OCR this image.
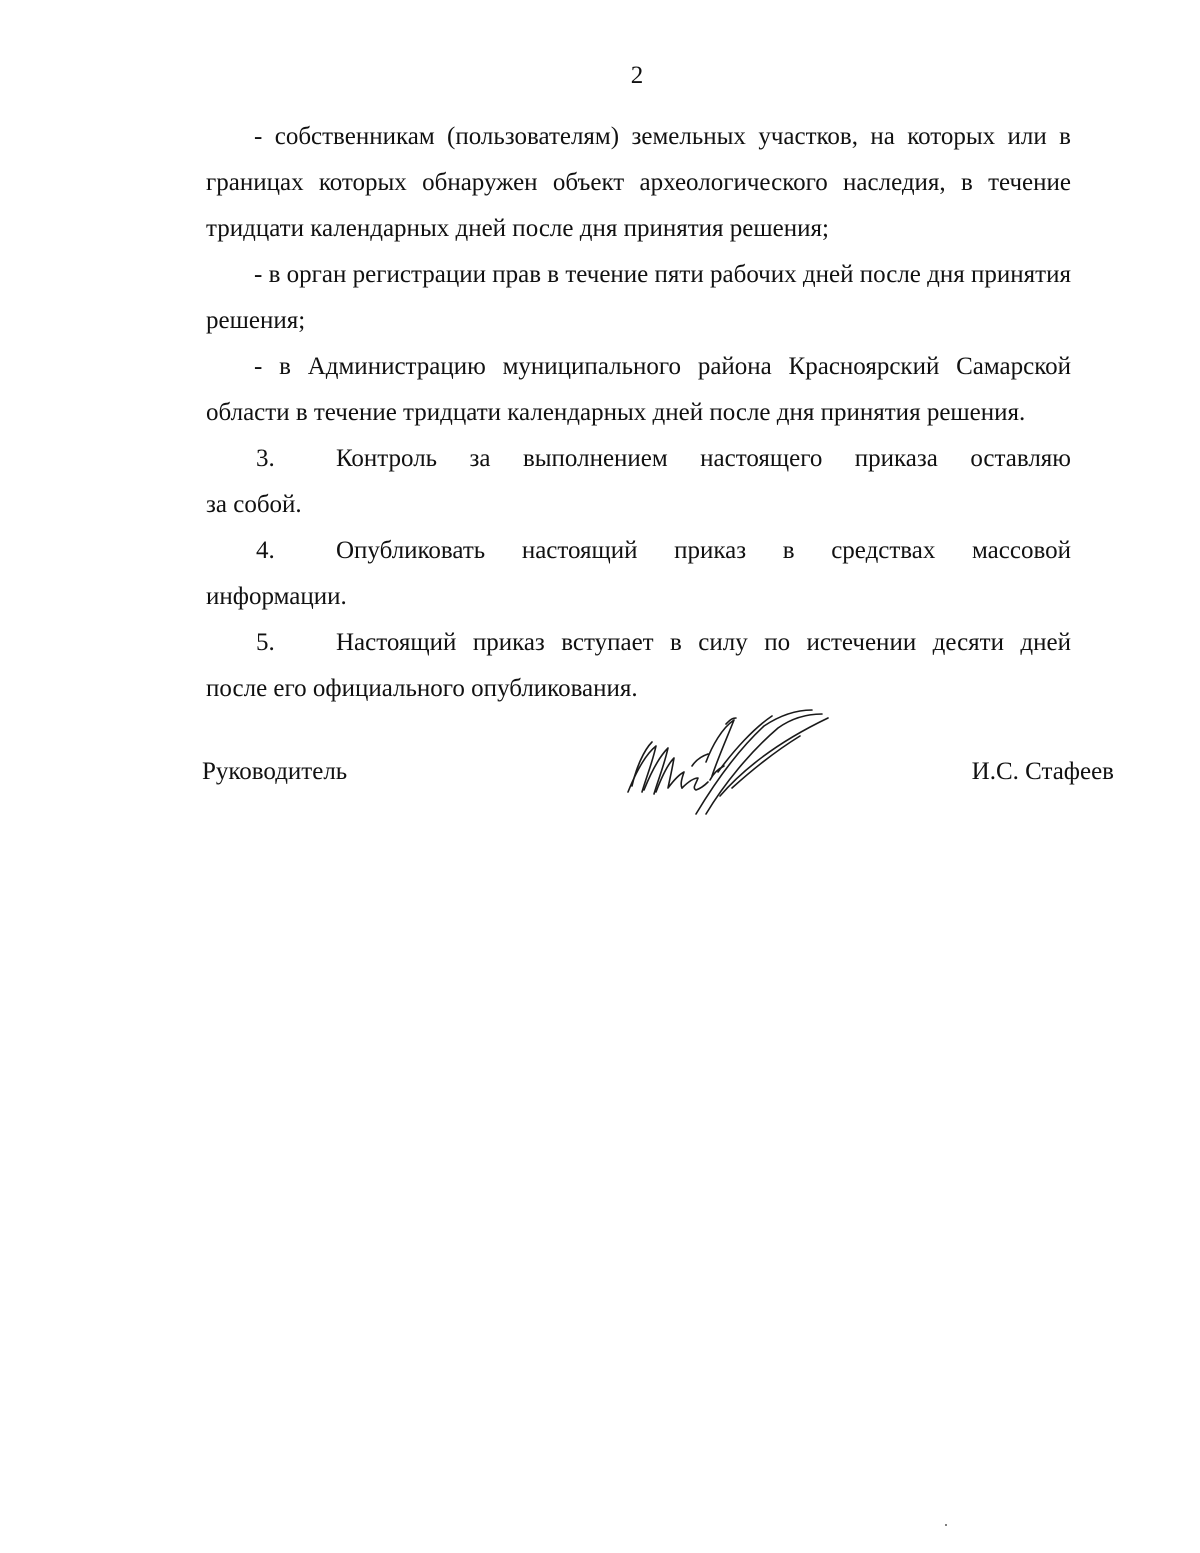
2

- собственникам (пользователям) земельных участков, на которых или в границах которых обнаружен объект археологического наследия, в течение тридцати календарных дней после дня принятия решения;

- в орган регистрации прав в течение пяти рабочих дней после дня принятия решения;

- в Администрацию муниципального района Красноярский Самарской области в течение тридцати календарных дней после дня принятия решения.

3.	Контроль за выполнением настоящего приказа оставляю
за собой.
4.	Опубликовать настоящий приказ в средствах массовой
информации.
5.	Настоящий приказ вступает в силу по истечении десяти дней
после его официального опубликования.
Руководитель	И.С. Стафеев
